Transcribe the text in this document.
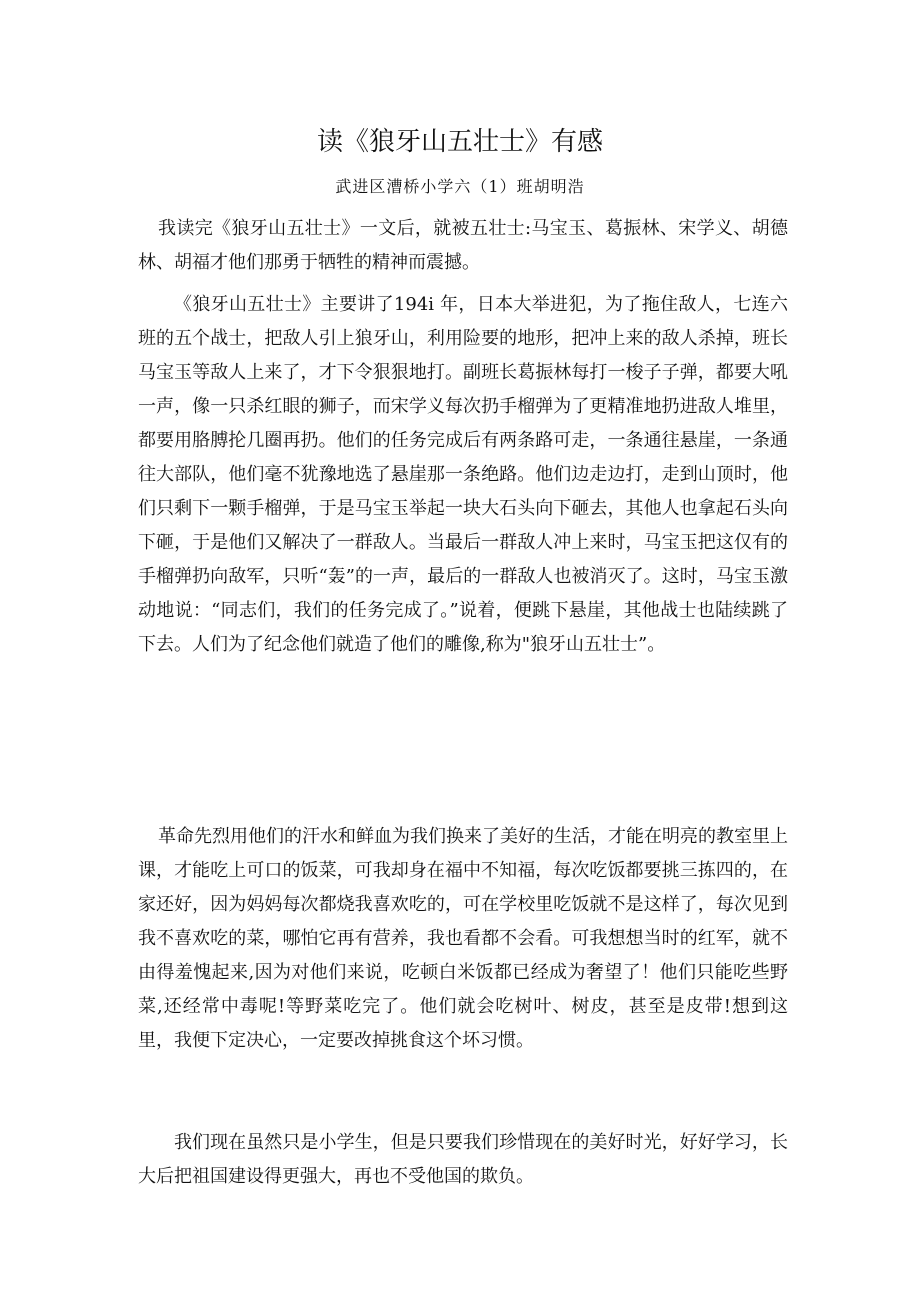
读《狼牙山五壮士》有感

武进区漕桥小学六（1）班胡明浩

我读完《狼牙山五壮士》一文后，就被五壮士:马宝玉、葛振林、宋学义、胡德林、胡福才他们那勇于牺牲的精神而震撼。

《狼牙山五壮士》主要讲了194i 年，日本大举进犯，为了拖住敌人，七连六班的五个战士，把敌人引上狼牙山，利用险要的地形，把冲上来的敌人杀掉，班长马宝玉等敌人上来了，才下令狠狠地打。副班长葛振林每打一梭子子弹，都要大吼一声，像一只杀红眼的狮子，而宋学义每次扔手榴弹为了更精准地扔进敌人堆里，都要用胳膊抡几圈再扔。他们的任务完成后有两条路可走，一条通往悬崖，一条通往大部队，他们毫不犹豫地选了悬崖那一条绝路。他们边走边打，走到山顶时，他们只剩下一颗手榴弹，于是马宝玉举起一块大石头向下砸去，其他人也拿起石头向下砸，于是他们又解决了一群敌人。当最后一群敌人冲上来时，马宝玉把这仅有的手榴弹扔向敌军，只听“轰”的一声，最后的一群敌人也被消灭了。这时，马宝玉激动地说：“同志们，我们的任务完成了。”说着，便跳下悬崖，其他战士也陆续跳了下去。人们为了纪念他们就造了他们的雕像,称为"狼牙山五壮士”。

革命先烈用他们的汗水和鲜血为我们换来了美好的生活，才能在明亮的教室里上课，才能吃上可口的饭菜，可我却身在福中不知福，每次吃饭都要挑三拣四的，在家还好，因为妈妈每次都烧我喜欢吃的，可在学校里吃饭就不是这样了，每次见到我不喜欢吃的菜，哪怕它再有营养，我也看都不会看。可我想想当时的红军，就不由得羞愧起来,因为对他们来说，吃顿白米饭都已经成为奢望了！他们只能吃些野菜,还经常中毒呢!等野菜吃完了。他们就会吃树叶、树皮，甚至是皮带!想到这里，我便下定决心，一定要改掉挑食这个坏习惯。

我们现在虽然只是小学生，但是只要我们珍惜现在的美好时光，好好学习，长大后把祖国建设得更强大，再也不受他国的欺负。
